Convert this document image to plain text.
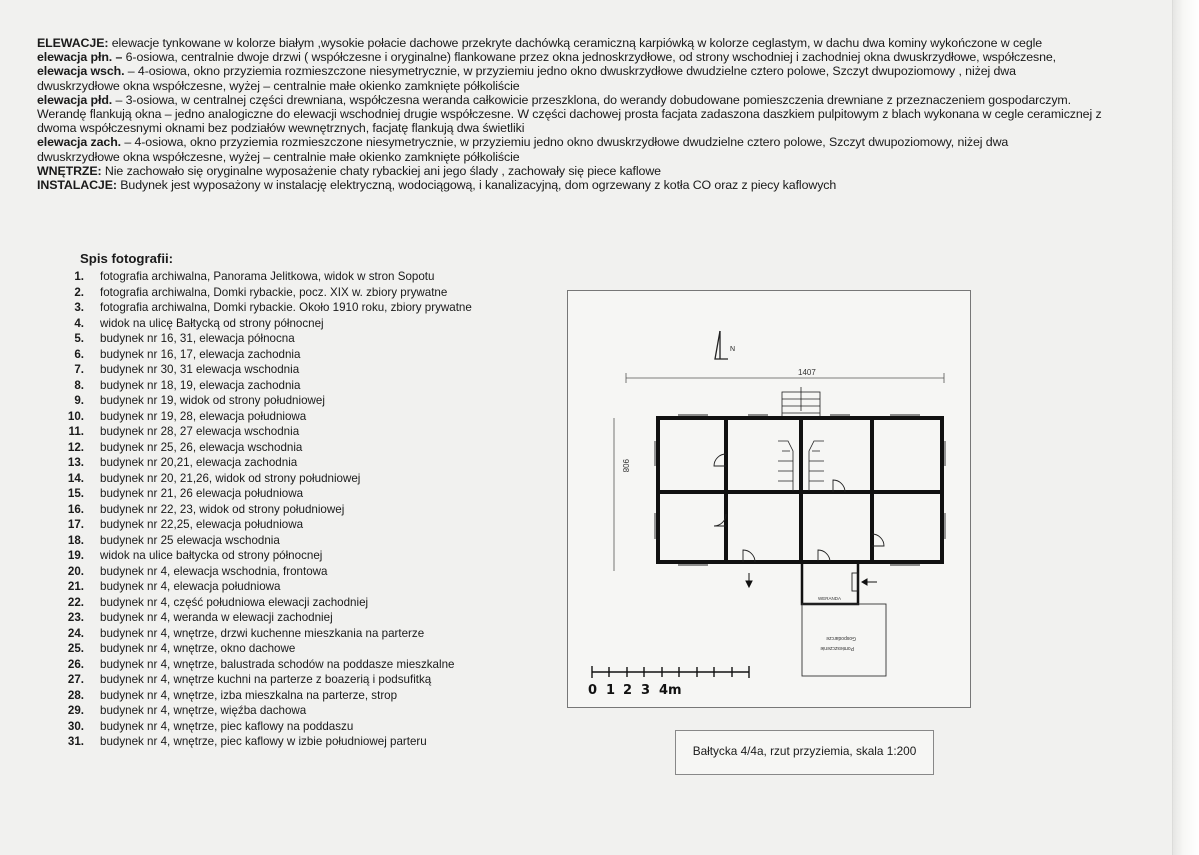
ELEWACJE: elewacje tynkowane w kolorze białym ,wysokie połacie dachowe przekryte dachówką ceramiczną karpiówką w kolorze ceglastym, w dachu dwa kominy wykończone w cegle

elewacja płn. – 6-osiowa, centralnie dwoje drzwi ( współczesne i oryginalne) flankowane przez okna jednoskrzydłowe, od strony wschodniej i zachodniej okna dwuskrzydłowe, współczesne,

elewacja wsch. – 4-osiowa, okno przyziemia rozmieszczone niesymetrycznie, w przyziemiu jedno okno dwuskrzydłowe dwudzielne cztero polowe, Szczyt dwupoziomowy , niżej dwa

dwuskrzydłowe okna współczesne, wyżej – centralnie małe okienko zamknięte półkoliście

elewacja płd. – 3-osiowa, w centralnej części drewniana, współczesna weranda całkowicie przeszklona, do werandy dobudowane pomieszczenia drewniane z przeznaczeniem gospodarczym.

Werandę flankują okna – jedno analogiczne do elewacji wschodniej drugie współczesne. W części dachowej prosta facjata zadaszona daszkiem pulpitowym z blach wykonana w cegle ceramicznej z

dwoma współczesnymi oknami bez podziałów wewnętrznych, facjatę flankują dwa świetliki

elewacja zach. – 4-osiowa, okno przyziemia rozmieszczone niesymetrycznie, w przyziemiu jedno okno dwuskrzydłowe dwudzielne cztero polowe, Szczyt dwupoziomowy, niżej dwa

dwuskrzydłowe okna współczesne, wyżej – centralnie małe okienko zamknięte półkoliście

WNĘTRZE: Nie zachowało się oryginalne wyposażenie chaty rybackiej ani jego ślady , zachowały się piece kaflowe

INSTALACJE: Budynek jest wyposażony w instalację elektryczną, wodociągową, i kanalizacyjną, dom ogrzewany z kotła CO oraz z piecy kaflowych

Spis fotografii:
1. fotografia archiwalna, Panorama Jelitkowa, widok w stron Sopotu
2. fotografia archiwalna, Domki rybackie, pocz. XIX w. zbiory prywatne
3. fotografia archiwalna, Domki rybackie. Około 1910 roku, zbiory prywatne
4. widok na ulicę Bałtycką od strony północnej
5. budynek nr 16, 31, elewacja północna
6. budynek nr 16, 17, elewacja zachodnia
7. budynek nr 30, 31 elewacja wschodnia
8. budynek nr 18, 19, elewacja zachodnia
9. budynek nr 19, widok od strony południowej
10. budynek nr 19, 28, elewacja południowa
11. budynek nr 28, 27 elewacja wschodnia
12. budynek nr 25, 26, elewacja wschodnia
13. budynek nr 20,21, elewacja zachodnia
14. budynek nr 20, 21,26, widok od strony południowej
15. budynek nr 21, 26 elewacja południowa
16. budynek nr 22, 23, widok od strony południowej
17. budynek nr 22,25, elewacja południowa
18. budynek nr 25 elewacja wschodnia
19. widok na ulice bałtycka od strony północnej
20. budynek nr 4, elewacja wschodnia, frontowa
21. budynek nr 4, elewacja południowa
22. budynek nr 4, część południowa elewacji zachodniej
23. budynek nr 4, weranda w elewacji zachodniej
24. budynek nr 4, wnętrze, drzwi kuchenne mieszkania na parterze
25. budynek nr 4, wnętrze, okno dachowe
26. budynek nr 4, wnętrze, balustrada schodów na poddasze mieszkalne
27. budynek nr 4, wnętrze kuchni na parterze z boazerią i podsufitką
28. budynek nr 4, wnętrze, izba mieszkalna na parterze, strop
29. budynek nr 4, wnętrze, więźba dachowa
30. budynek nr 4, wnętrze, piec kaflowy na poddaszu
31. budynek nr 4, wnętrze, piec kaflowy w izbie południowej parteru
N
1407
908
WERANDA
Gospodarcze
Pomieszczenie
0 1 2 3 4m
Bałtycka 4/4a, rzut przyziemia, skala 1:200
